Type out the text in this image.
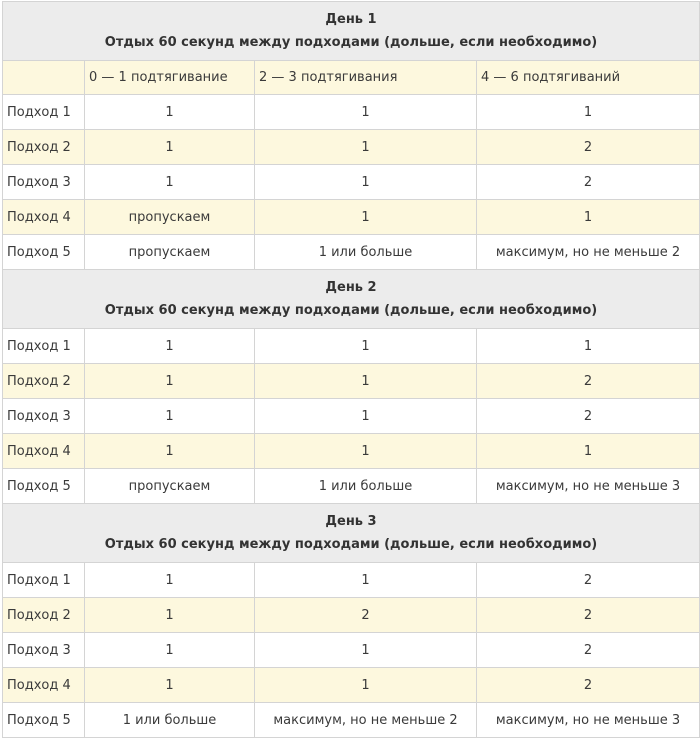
День 1
Отдых 60 секунд между подходами (дольше, если необходимо)			

	0 — 1 подтягивание	2 — 3 подтягивания	4 — 6 подтягиваний
Подход 1	1	1	1
Подход 2	1	1	2
Подход 3	1	1	2
Подход 4	пропускаем	1	1
Подход 5	пропускаем	1 или больше	максимум, но не меньше 2

День 2
Отдых 60 секунд между подходами (дольше, если необходимо)			

Подход 1	1	1	1
Подход 2	1	1	2
Подход 3	1	1	2
Подход 4	1	1	1
Подход 5	пропускаем	1 или больше	максимум, но не меньше 3

День 3
Отдых 60 секунд между подходами (дольше, если необходимо)			

Подход 1	1	1	2
Подход 2	1	2	2
Подход 3	1	1	2
Подход 4	1	1	2
Подход 5	1 или больше	максимум, но не меньше 2	максимум, но не меньше 3
